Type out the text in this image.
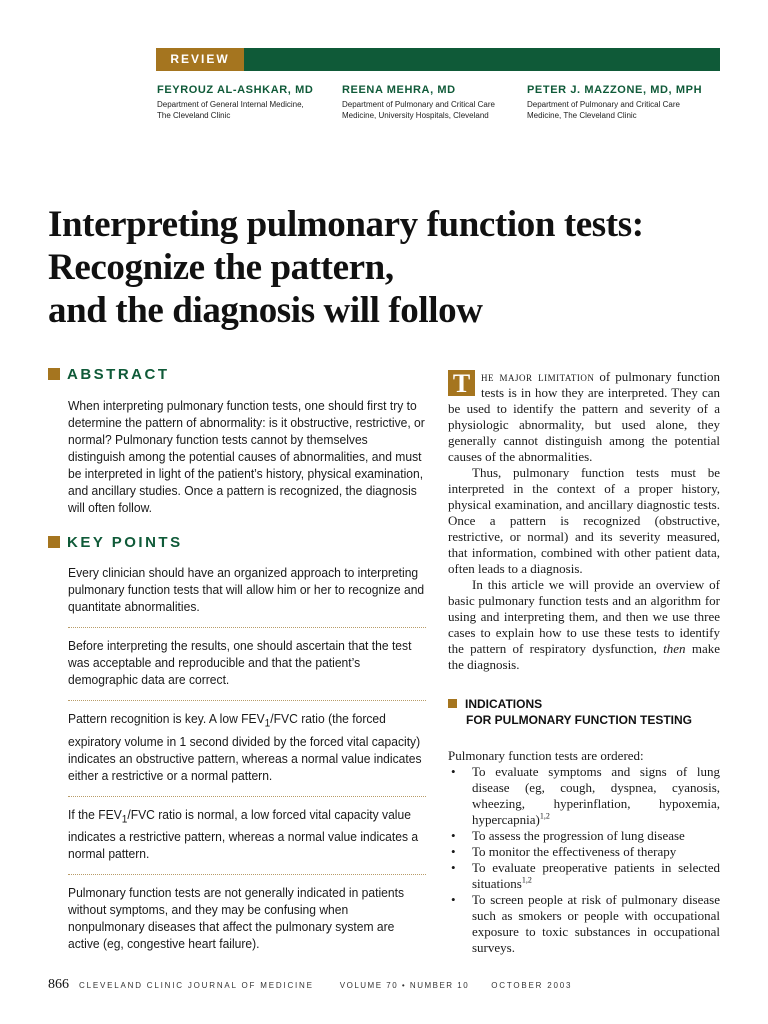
REVIEW
FEYROUZ AL-ASHKAR, MD
Department of General Internal Medicine,
The Cleveland Clinic
REENA MEHRA, MD
Department of Pulmonary and Critical Care
Medicine, University Hospitals, Cleveland
PETER J. MAZZONE, MD, MPH
Department of Pulmonary and Critical Care
Medicine, The Cleveland Clinic
Interpreting pulmonary function tests:
Recognize the pattern,
and the diagnosis will follow
ABSTRACT
When interpreting pulmonary function tests, one should first try to determine the pattern of abnormality: is it obstructive, restrictive, or normal? Pulmonary function tests cannot by themselves distinguish among the potential causes of abnormalities, and must be interpreted in light of the patient’s history, physical examination, and ancillary studies. Once a pattern is recognized, the diagnosis will often follow.
KEY POINTS
Every clinician should have an organized approach to interpreting pulmonary function tests that will allow him or her to recognize and quantitate abnormalities.
Before interpreting the results, one should ascertain that the test was acceptable and reproducible and that the patient’s demographic data are correct.
Pattern recognition is key. A low $FEV_1$/FVC ratio (the forced expiratory volume in 1 second divided by the forced vital capacity) indicates an obstructive pattern, whereas a normal value indicates either a restrictive or a normal pattern.
If the $FEV_1$/FVC ratio is normal, a low forced vital capacity value indicates a restrictive pattern, whereas a normal value indicates a normal pattern.
Pulmonary function tests are not generally indicated in patients without symptoms, and they may be confusing when nonpulmonary diseases that affect the pulmonary system are active (eg, congestive heart failure).
T he major limitation of pulmonary function tests is in how they are interpreted. They can be used to identify the pattern and severity of a physiologic abnormality, but used alone, they generally cannot distinguish among the potential causes of the abnormalities.
Thus, pulmonary function tests must be interpreted in the context of a proper history, physical examination, and ancillary diagnostic tests. Once a pattern is recognized (obstructive, restrictive, or normal) and its severity measured, that information, combined with other patient data, often leads to a diagnosis.
In this article we will provide an overview of basic pulmonary function tests and an algorithm for using and interpreting them, and then we use three cases to explain how to use these tests to identify the pattern of respiratory dysfunction, then make the diagnosis.
INDICATIONS
FOR PULMONARY FUNCTION TESTING
Pulmonary function tests are ordered:
• To evaluate symptoms and signs of lung disease (eg, cough, dyspnea, cyanosis, wheezing, hyperinflation, hypoxemia, hypercapnia)$^{1,2}$
• To assess the progression of lung disease
• To monitor the effectiveness of therapy
• To evaluate preoperative patients in selected situations$^{1,2}$
• To screen people at risk of pulmonary disease such as smokers or people with occupational exposure to toxic substances in occupational surveys.
866 CLEVELAND CLINIC JOURNAL OF MEDICINE	VOLUME 70 • NUMBER 10	OCTOBER 2003
